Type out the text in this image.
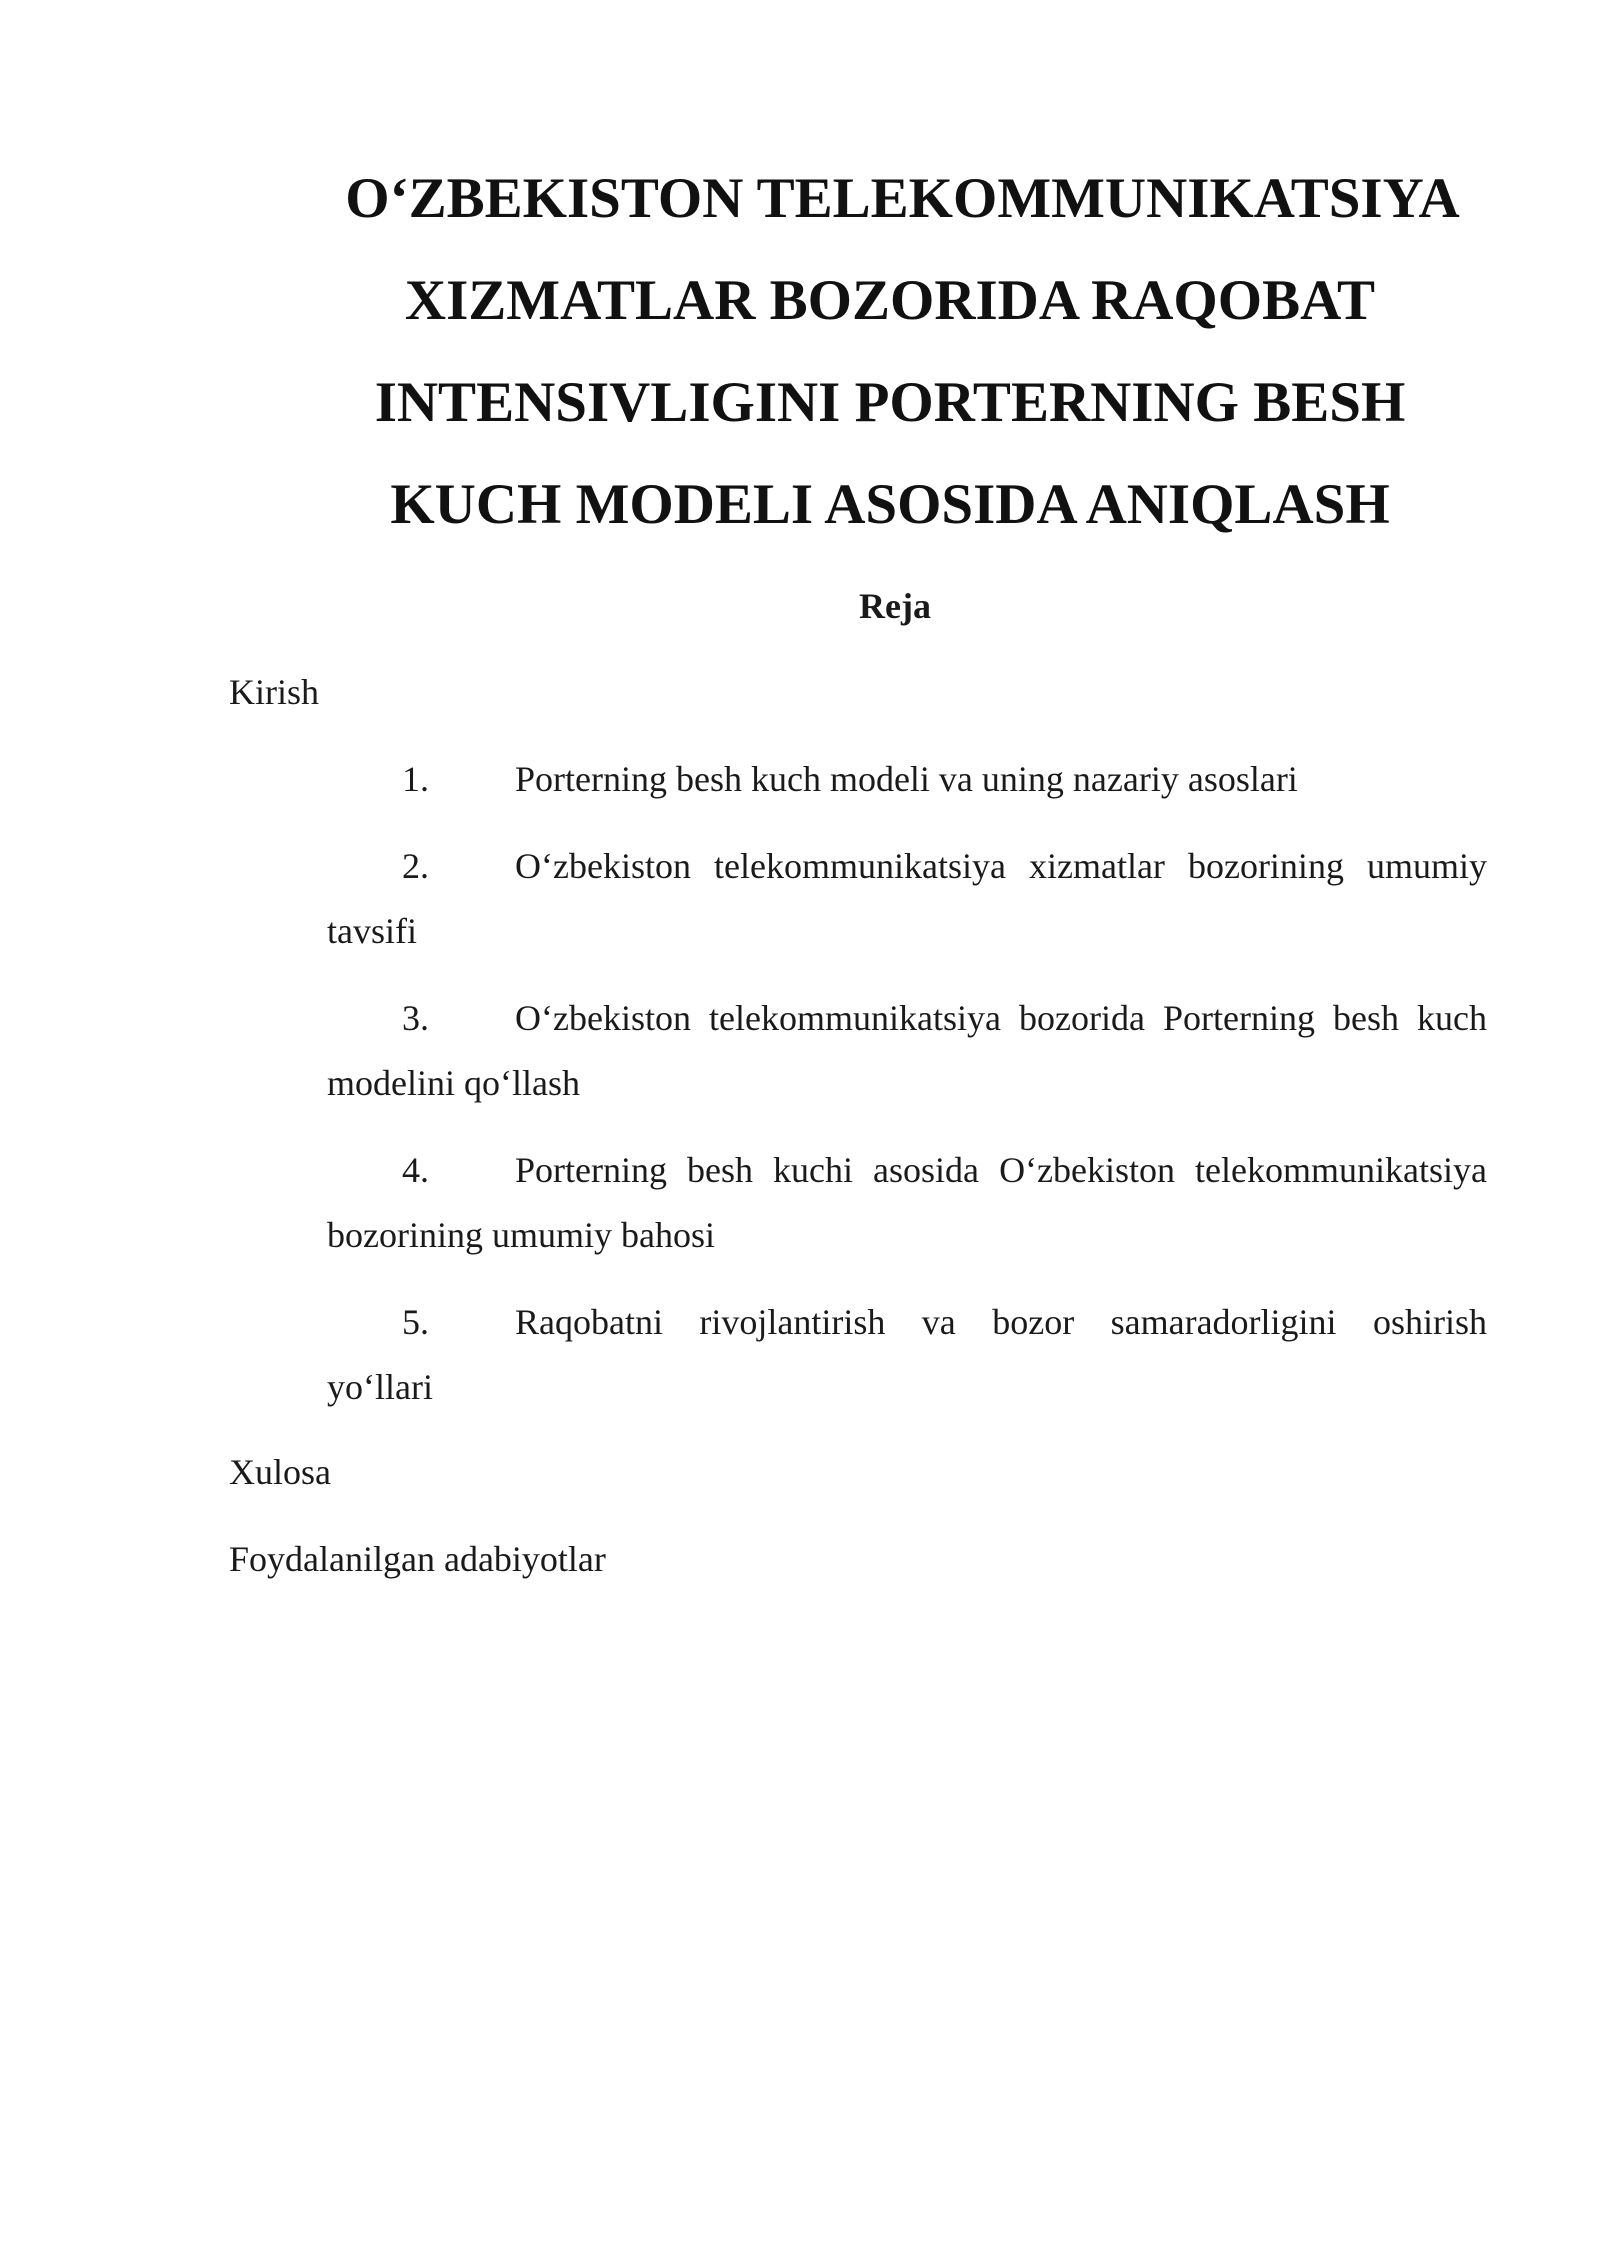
O‘ZBEKISTON TELEKOMMUNIKATSIYA
XIZMATLAR BOZORIDA RAQOBAT
INTENSIVLIGINI PORTERNING BESH
KUCH MODELI ASOSIDA ANIQLASH
Reja
Kirish
1.	Porterning besh kuch modeli va uning nazariy asoslari
2.	O‘zbekiston telekommunikatsiya xizmatlar bozorining umumiy
tavsifi
3.	O‘zbekiston telekommunikatsiya bozorida Porterning besh kuch
modelini qo‘llash
4.	Porterning besh kuchi asosida O‘zbekiston telekommunikatsiya
bozorining umumiy bahosi
5.	Raqobatni rivojlantirish va bozor samaradorligini oshirish
yo‘llari
Xulosa
Foydalanilgan adabiyotlar
